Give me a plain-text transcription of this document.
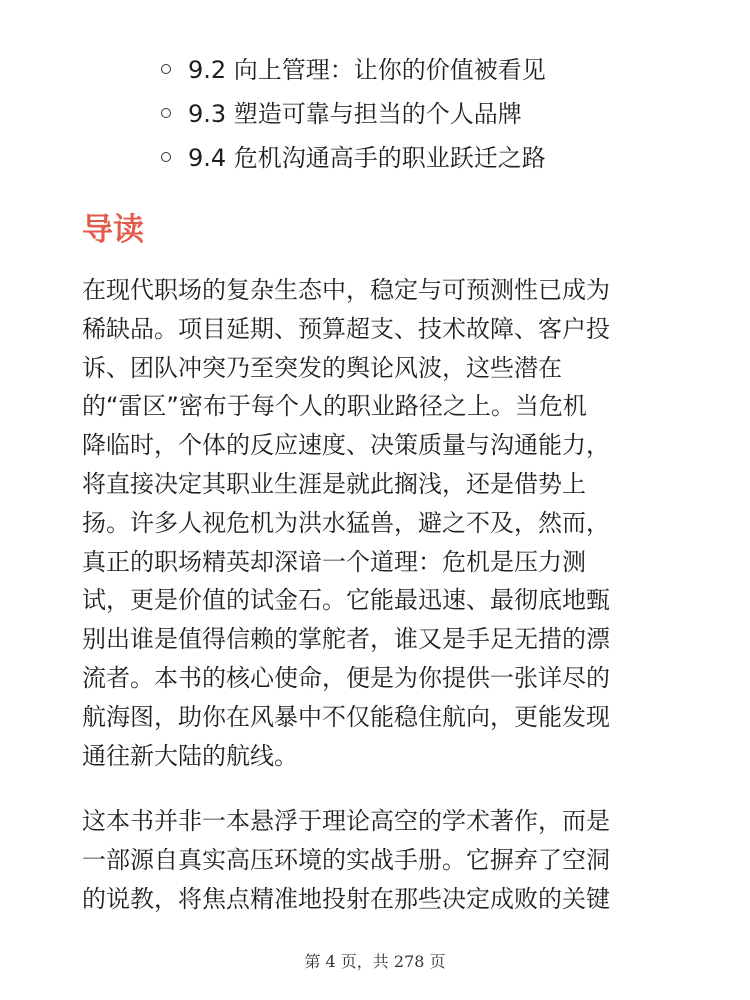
9.2 向上管理：让你的价值被看见
9.3 塑造可靠与担当的个人品牌
9.4 危机沟通高手的职业跃迁之路
导读

在现代职场的复杂生态中，稳定与可预测性已成为
稀缺品。项目延期、预算超支、技术故障、客户投
诉、团队冲突乃至突发的舆论风波，这些潜在
的“雷区”密布于每个人的职业路径之上。当危机
降临时，个体的反应速度、决策质量与沟通能力，
将直接决定其职业生涯是就此搁浅，还是借势上
扬。许多人视危机为洪水猛兽，避之不及，然而，
真正的职场精英却深谙一个道理：危机是压力测
试，更是价值的试金石。它能最迅速、最彻底地甄
别出谁是值得信赖的掌舵者，谁又是手足无措的漂
流者。本书的核心使命，便是为你提供一张详尽的
航海图，助你在风暴中不仅能稳住航向，更能发现
通往新大陆的航线。

这本书并非一本悬浮于理论高空的学术著作，而是
一部源自真实高压环境的实战手册。它摒弃了空洞
的说教，将焦点精准地投射在那些决定成败的关键

第 4 页，共 278 页
